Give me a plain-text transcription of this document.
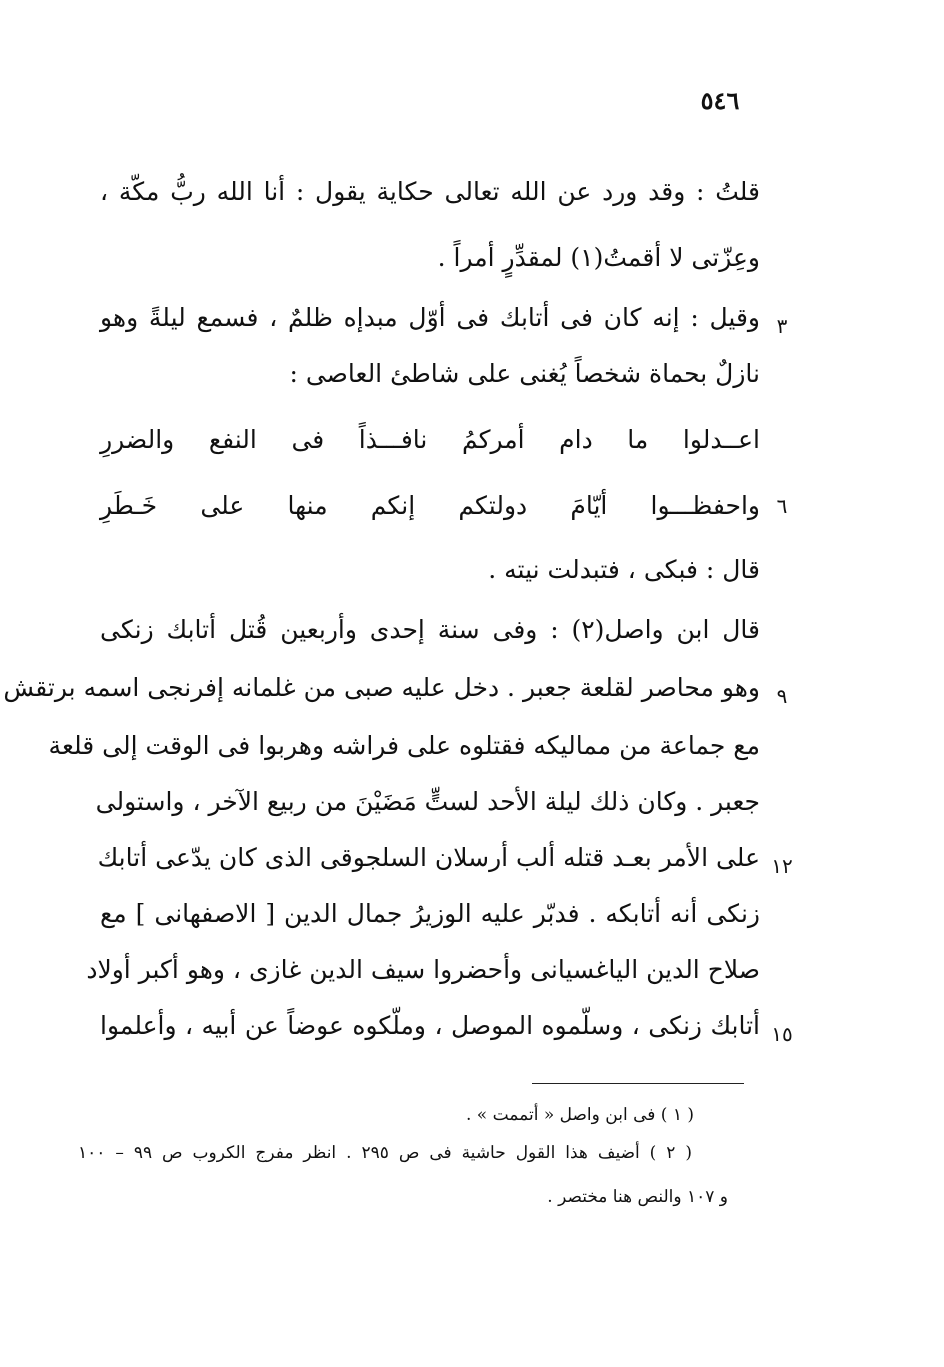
٥٤٦
قلتُ : وقد ورد عن الله تعالى حكاية يقول : أنا الله ربُّ مكّة ،
وعِزّتى لا أقمتُ(١) لمقدِّرٍ أمراً .
وقيل : إنه كان فى أتابك فى أوّل مبدإه ظلمٌ ، فسمع ليلةً وهو ٣
نازلٌ بحماة شخصاً يُغنى على شاطئ العاصى :
اعــدلوا
ما
دام
أمركمُ
نافـــذاً
فى
النفع
والضررِ
واحفظـــوا
أيّامَ
دولتكم
إنكم
منها
على
خَـطَرِ	٦
قال : فبكى ، فتبدلت نيته .
قال ابن واصل(٢) : وفى سنة إحدى وأربعين قُتل أتابك زنكى
وهو محاصر لقلعة جعبر . دخل عليه صبى من غلمانه إفرنجى اسمه برتقش ٩
مع جماعة من مماليكه فقتلوه على فراشه وهربوا فى الوقت إلى قلعة
جعبر . وكان ذلك ليلة الأحد لستٍّ مَضَيْنَ من ربيع الآخر ، واستولى
على الأمر بعـد قتله ألب أرسلان السلجوقى الذى كان يدّعى أتابك ١٢
زنكى أنه أتابكه . فدبّر عليه الوزيرُ جمال الدين [ الاصفهانى ] مع
صلاح الدين الياغسيانى وأحضروا سيف الدين غازى ، وهو أكبر أولاد
أتابك زنكى ، وسلّموه الموصل ، وملّكوه عوضاً عن أبيه ، وأعلموا ١٥
( ١ ) فى ابن واصل « أتممت » .
( ٢ ) أضيف هذا القول حاشية فى ص ٢٩٥ . انظر مفرج الكروب ص ٩٩ – ١٠٠
و ١٠٧ والنص هنا مختصر .
